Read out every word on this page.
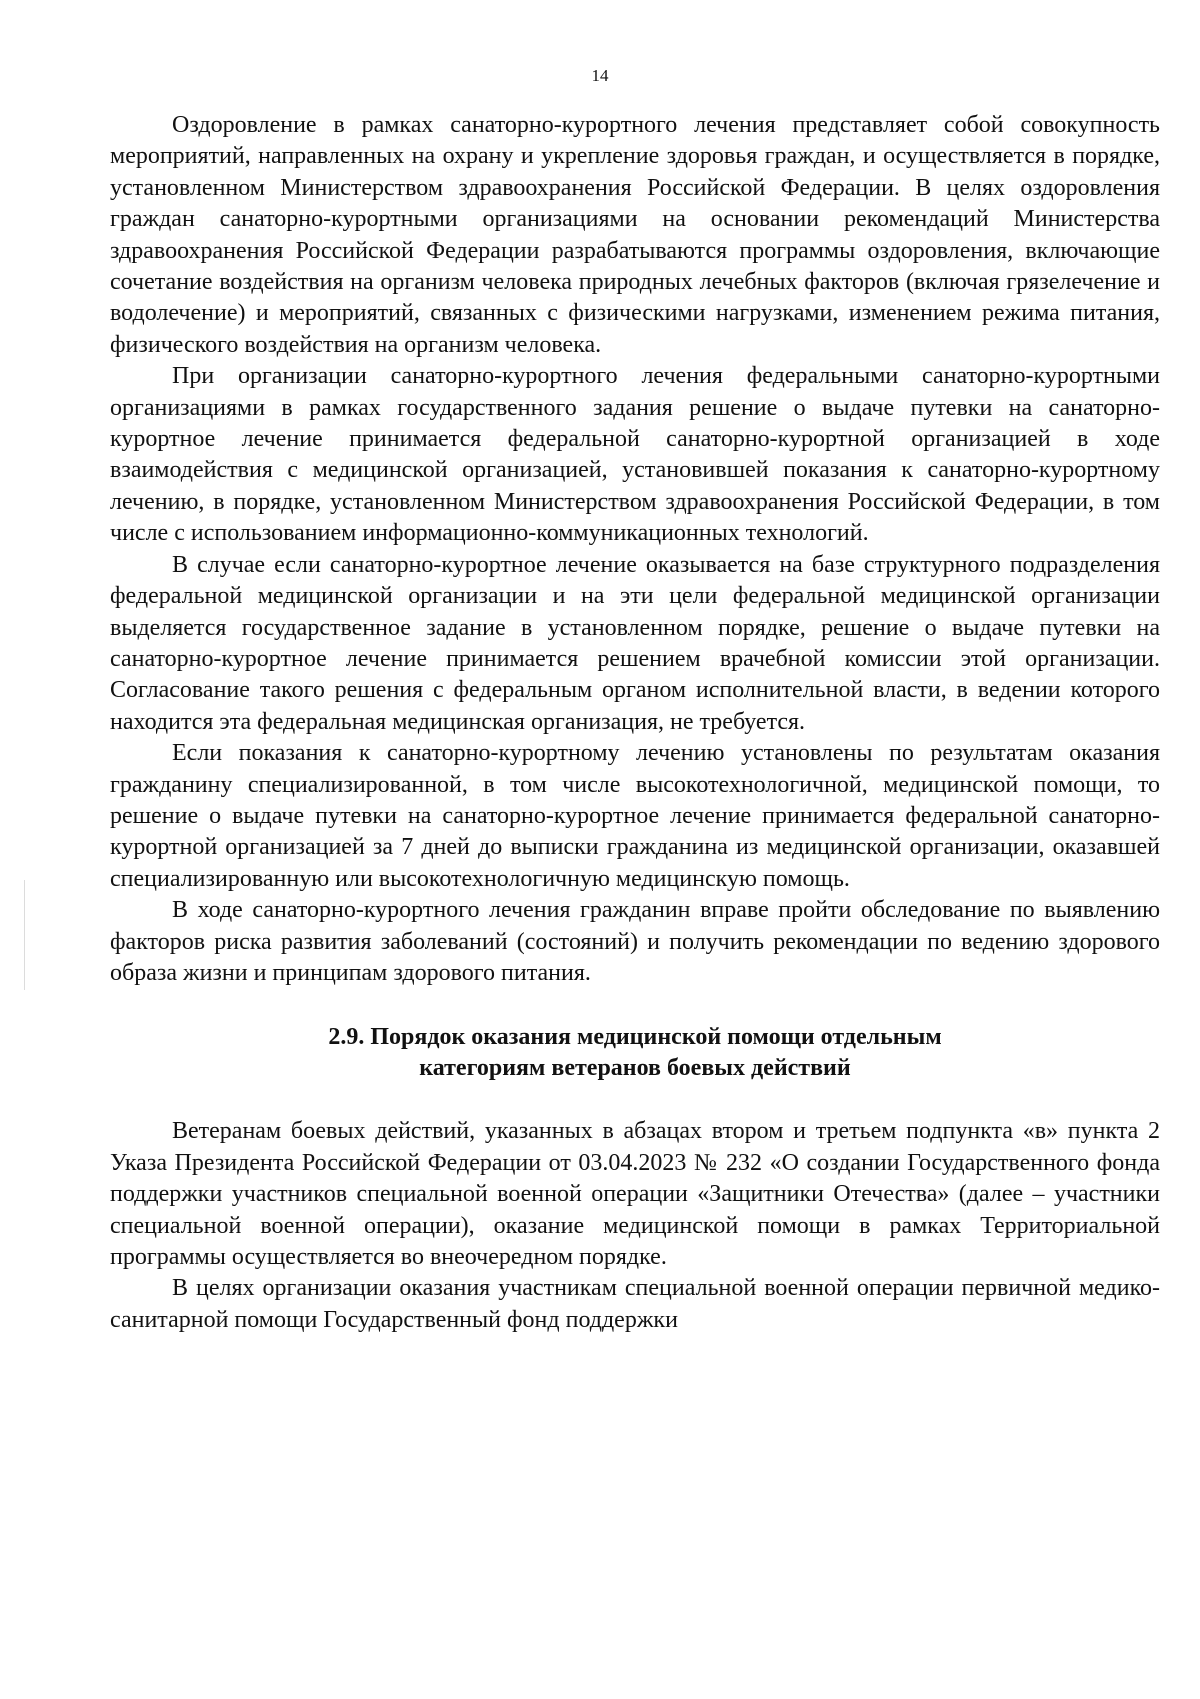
14

Оздоровление в рамках санаторно-курортного лечения представляет собой совокупность мероприятий, направленных на охрану и укрепление здоровья граждан, и осуществляется в порядке, установленном Министерством здравоохранения Российской Федерации. В целях оздоровления граждан санаторно-курортными организациями на основании рекомендаций Министерства здравоохранения Российской Федерации разрабатываются программы оздоровления, включающие сочетание воздействия на организм человека природных лечебных факторов (включая грязелечение и водолечение) и мероприятий, связанных с физическими нагрузками, изменением режима питания, физического воздействия на организм человека.

При организации санаторно-курортного лечения федеральными санаторно-курортными организациями в рамках государственного задания решение о выдаче путевки на санаторно-курортное лечение принимается федеральной санаторно-курортной организацией в ходе взаимодействия с медицинской организацией, установившей показания к санаторно-курортному лечению, в порядке, установленном Министерством здравоохранения Российской Федерации, в том числе с использованием информационно-коммуникационных технологий.

В случае если санаторно-курортное лечение оказывается на базе структурного подразделения федеральной медицинской организации и на эти цели федеральной медицинской организации выделяется государственное задание в установленном порядке, решение о выдаче путевки на санаторно-курортное лечение принимается решением врачебной комиссии этой организации. Согласование такого решения с федеральным органом исполнительной власти, в ведении которого находится эта федеральная медицинская организация, не требуется.

Если показания к санаторно-курортному лечению установлены по результатам оказания гражданину специализированной, в том числе высокотехнологичной, медицинской помощи, то решение о выдаче путевки на санаторно-курортное лечение принимается федеральной санаторно-курортной организацией за 7 дней до выписки гражданина из медицинской организации, оказавшей специализированную или высокотехнологичную медицинскую помощь.

В ходе санаторно-курортного лечения гражданин вправе пройти обследование по выявлению факторов риска развития заболеваний (состояний) и получить рекомендации по ведению здорового образа жизни и принципам здорового питания.

2.9. Порядок оказания медицинской помощи отдельным
категориям ветеранов боевых действий

Ветеранам боевых действий, указанных в абзацах втором и третьем подпункта «в» пункта 2 Указа Президента Российской Федерации от 03.04.2023 № 232 «О создании Государственного фонда поддержки участников специальной военной операции «Защитники Отечества» (далее – участники специальной военной операции), оказание медицинской помощи в рамках Территориальной программы осуществляется во внеочередном порядке.

В целях организации оказания участникам специальной военной операции первичной медико-санитарной помощи Государственный фонд поддержки
